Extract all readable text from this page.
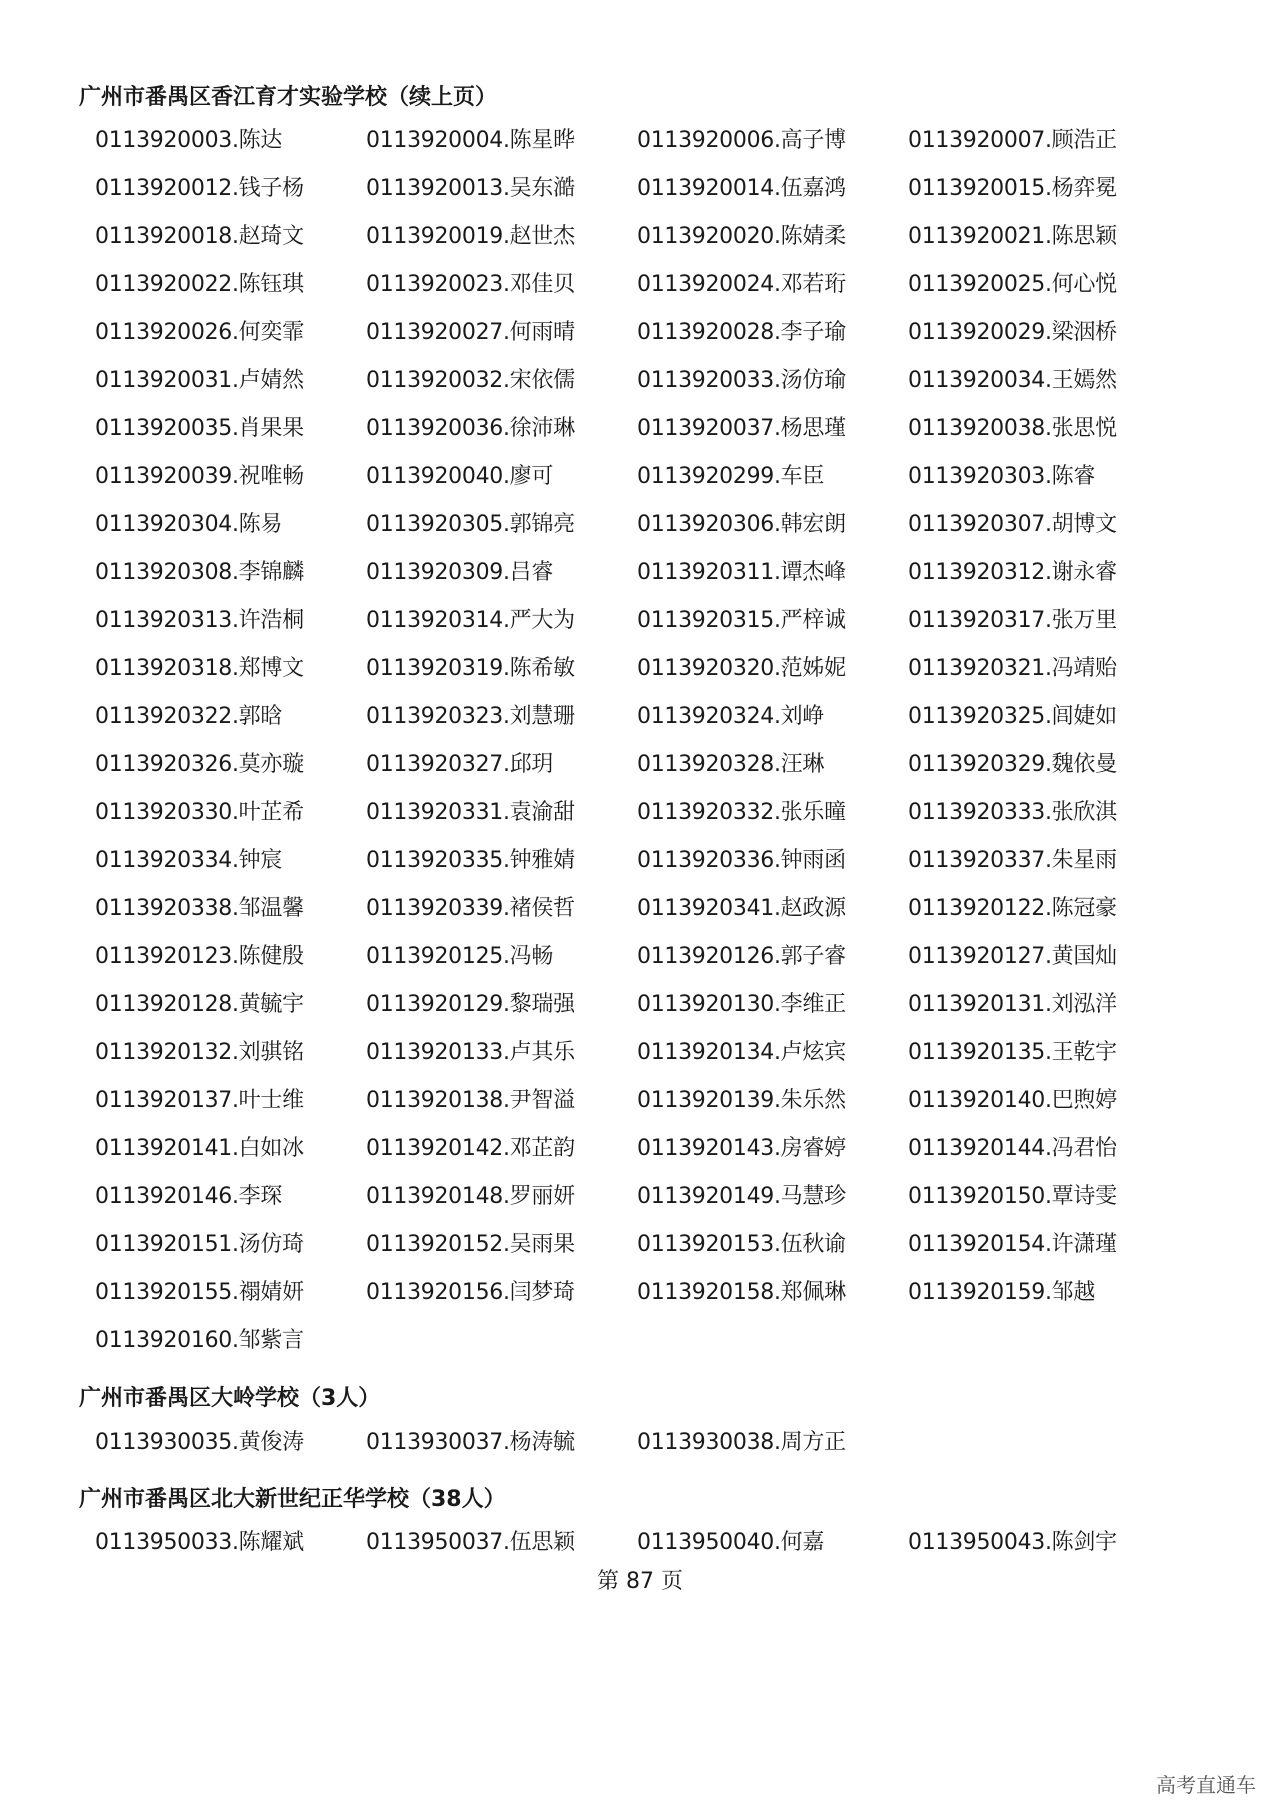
广州市番禺区香江育才实验学校（续上页）
0113920003.陈达	0113920004.陈星晔	0113920006.高子博	0113920007.顾浩正
0113920012.钱子杨	0113920013.吴东澔	0113920014.伍嘉鸿	0113920015.杨弈冕
0113920018.赵琦文	0113920019.赵世杰	0113920020.陈婧柔	0113920021.陈思颖
0113920022.陈钰琪	0113920023.邓佳贝	0113920024.邓若珩	0113920025.何心悦
0113920026.何奕霏	0113920027.何雨晴	0113920028.李子瑜	0113920029.梁洇桥
0113920031.卢婧然	0113920032.宋依儒	0113920033.汤仿瑜	0113920034.王嫣然
0113920035.肖果果	0113920036.徐沛琳	0113920037.杨思瑾	0113920038.张思悦
0113920039.祝唯畅	0113920040.廖可	0113920299.车臣	0113920303.陈睿
0113920304.陈易	0113920305.郭锦亮	0113920306.韩宏朗	0113920307.胡博文
0113920308.李锦麟	0113920309.吕睿	0113920311.谭杰峰	0113920312.谢永睿
0113920313.许浩桐	0113920314.严大为	0113920315.严梓诚	0113920317.张万里
0113920318.郑博文	0113920319.陈希敏	0113920320.范姊妮	0113920321.冯靖贻
0113920322.郭晗	0113920323.刘慧珊	0113920324.刘峥	0113920325.闾婕如
0113920326.莫亦璇	0113920327.邱玥	0113920328.汪琳	0113920329.魏依曼
0113920330.叶芷希	0113920331.袁渝甜	0113920332.张乐曈	0113920333.张欣淇
0113920334.钟宸	0113920335.钟雅婧	0113920336.钟雨函	0113920337.朱星雨
0113920338.邹温馨	0113920339.褚侯哲	0113920341.赵政源	0113920122.陈冠豪
0113920123.陈健殷	0113920125.冯畅	0113920126.郭子睿	0113920127.黄国灿
0113920128.黄毓宇	0113920129.黎瑞强	0113920130.李维正	0113920131.刘泓洋
0113920132.刘骐铭	0113920133.卢其乐	0113920134.卢炫宾	0113920135.王乾宇
0113920137.叶士维	0113920138.尹智溢	0113920139.朱乐然	0113920140.巴煦婷
0113920141.白如冰	0113920142.邓芷韵	0113920143.房睿婷	0113920144.冯君怡
0113920146.李琛	0113920148.罗丽妍	0113920149.马慧珍	0113920150.覃诗雯
0113920151.汤仿琦	0113920152.吴雨果	0113920153.伍秋谕	0113920154.许潇瑾
0113920155.禤婧妍	0113920156.闫梦琦	0113920158.郑佩琳	0113920159.邹越
0113920160.邹紫言
广州市番禺区大岭学校（3人）
0113930035.黄俊涛	0113930037.杨涛毓	0113930038.周方正
广州市番禺区北大新世纪正华学校（38人）
0113950033.陈耀斌	0113950037.伍思颖	0113950040.何嘉	0113950043.陈剑宇
第 87 页
高考直通车
